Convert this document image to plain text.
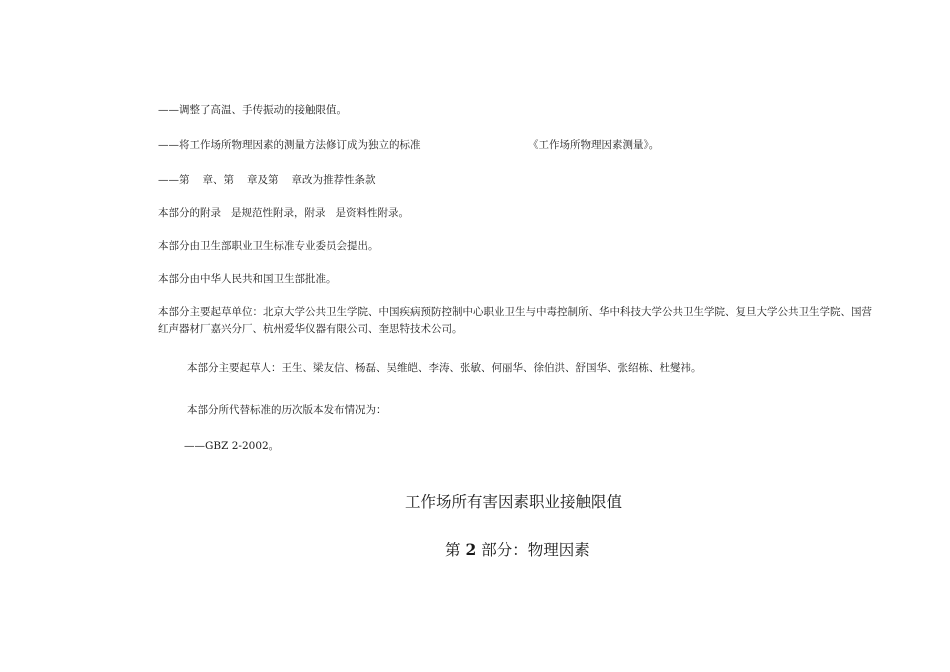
——调整了高温、手传振动的接触限值。
——将工作场所物理因素的测量方法修订成为独立的标准	《工作场所物理因素测量》。
——第 章、第 章及第 章改为推荐性条款
本部分的附录 是规范性附录，附录 是资料性附录。
本部分由卫生部职业卫生标准专业委员会提出。
本部分由中华人民共和国卫生部批准。
本部分主要起草单位：北京大学公共卫生学院、中国疾病预防控制中心职业卫生与中毒控制所、华中科技大学公共卫生学院、复旦大学公共卫生学院、国营红声器材厂嘉兴分厂、杭州爱华仪器有限公司、奎思特技术公司。
本部分主要起草人：王生、梁友信、杨磊、吴维皑、李涛、张敏、何丽华、徐伯洪、舒国华、张绍栋、杜燮祎。
本部分所代替标准的历次版本发布情况为：
——GBZ 2-2002。
工作场所有害因素职业接触限值
第 2 部分：物理因素
